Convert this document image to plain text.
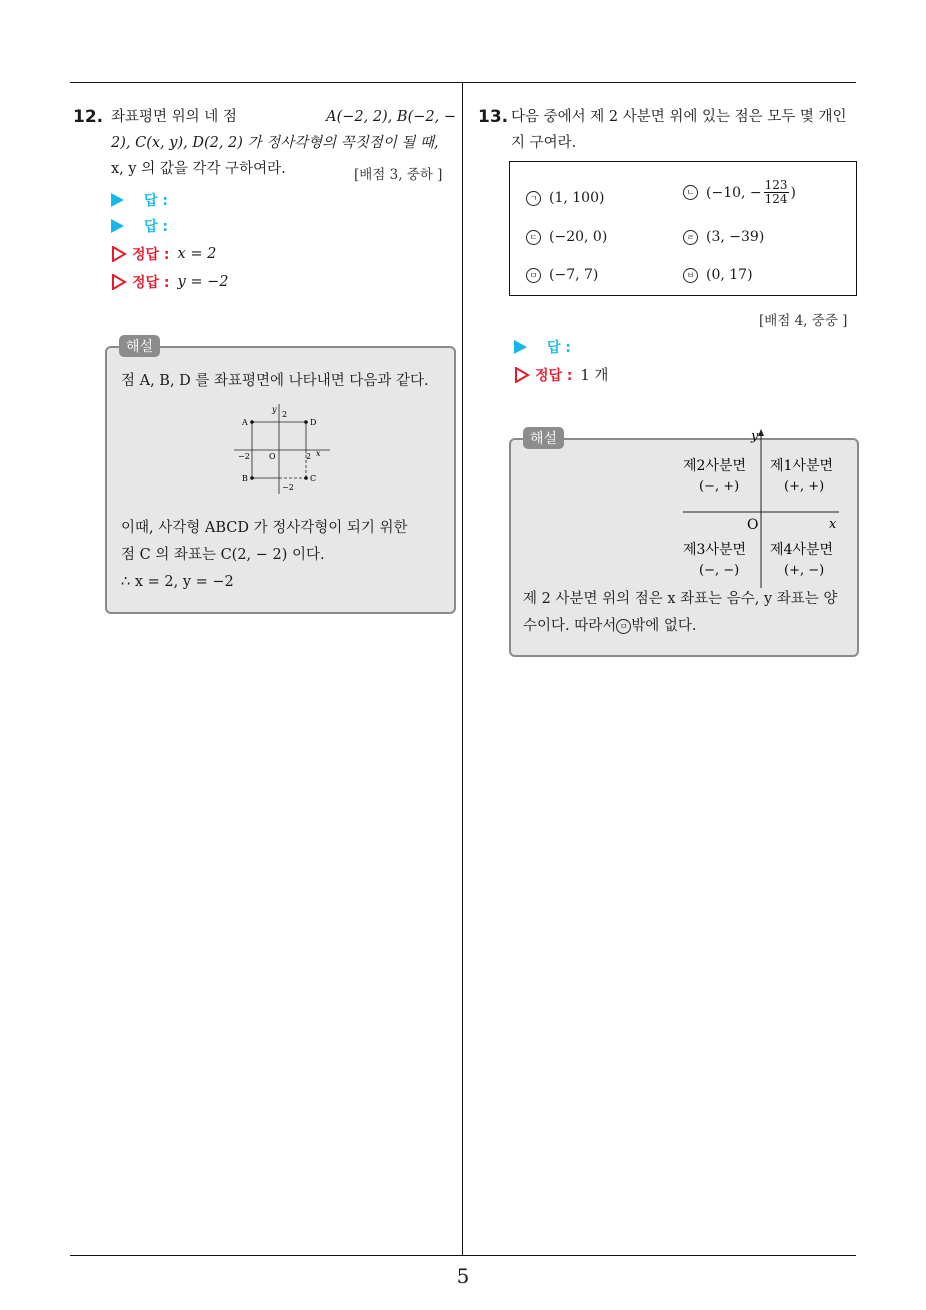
5
12. 좌표평면 위의 네 점	A(−2, 2), B(−2, −
2), C(x, y), D(2, 2) 가 정사각형의 꼭짓점이 될 때,
x, y 의 값을 각각 구하여라.	[배점 3, 중하 ]
답 :
답 :
정답 : x = 2
정답 : y = −2
점 A, B, D 를 좌표평면에 나타내면 다음과 같다.
y
2
A	D
−2 O	2 x
B	C
−2
이때, 사각형 ABCD 가 정사각형이 되기 위한
점 C 의 좌표는 C(2, − 2) 이다.
∴ x = 2, y = −2
해설
13. 다음 중에서 제 2 사분면 위에 있는 점은 모두 몇 개인
지 구여라.
ㄱ (1, 100)	ㄴ (−10, − $\frac{123}{124}$ )
ㄷ (−20, 0)	ㄹ (3, −39)
ㅁ (−7, 7)	ㅂ (0, 17)
[배점 4, 중중 ]
답 :
정답 : 1 개
y
x
O
제2사분면
(−, +)
제1사분면
(+, +)
제3사분면
(−, −)
제4사분면
(+, −)
제 2 사분면 위의 점은 x 좌표는 음수, y 좌표는 양
수이다. 따라서 ㅁ 밖에 없다.
해설
